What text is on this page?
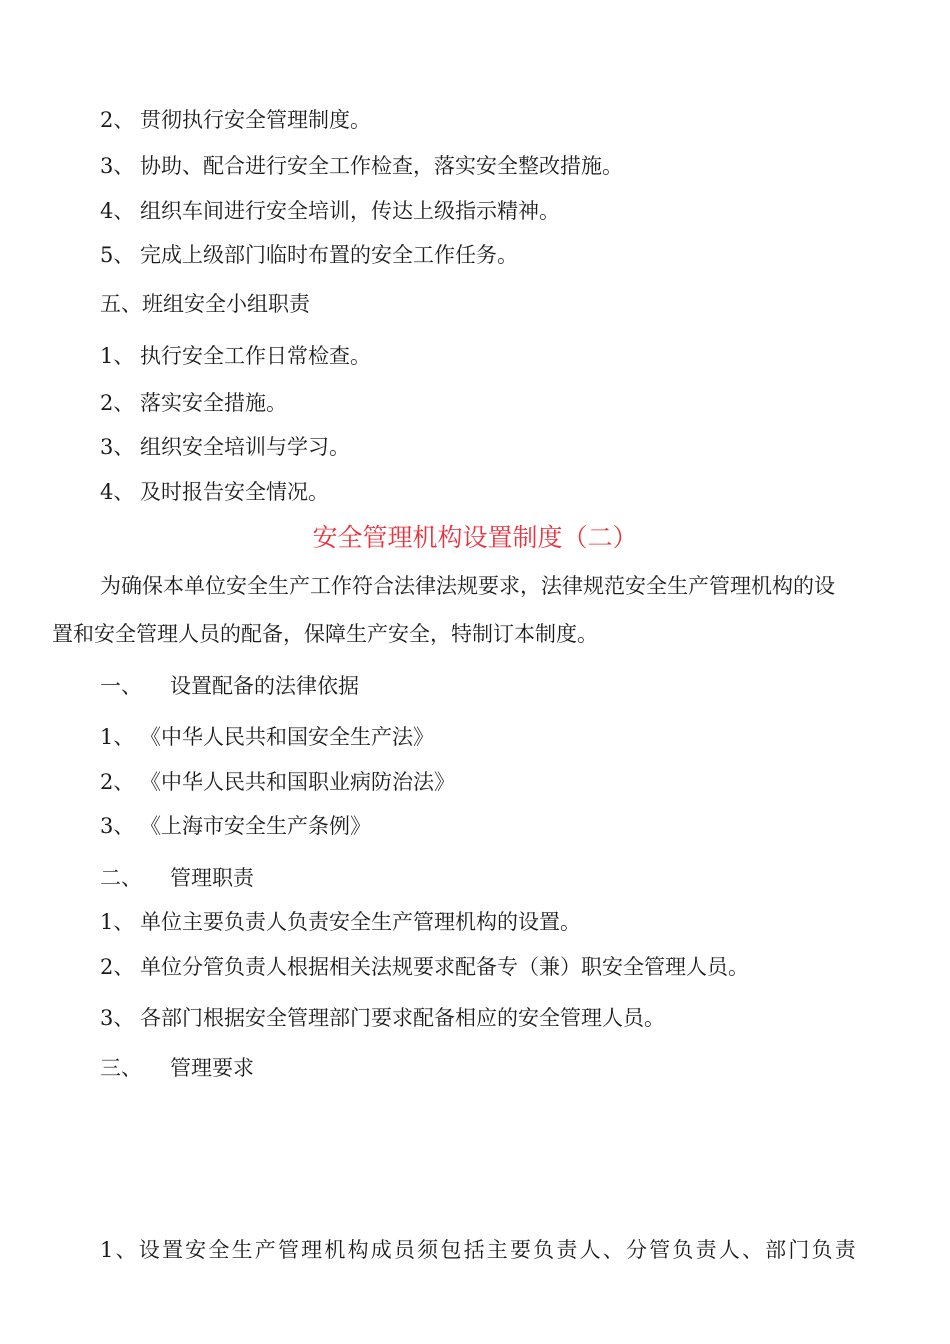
2、 贯彻执行安全管理制度。
3、 协助、配合进行安全工作检查，落实安全整改措施。
4、 组织车间进行安全培训，传达上级指示精神。
5、 完成上级部门临时布置的安全工作任务。
五、班组安全小组职责
1、 执行安全工作日常检查。
2、 落实安全措施。
3、 组织安全培训与学习。
4、 及时报告安全情况。
安全管理机构设置制度（二）
为确保本单位安全生产工作符合法律法规要求，法律规范安全生产管理机构的设
置和安全管理人员的配备，保障生产安全，特制订本制度。
一、 设置配备的法律依据
1、 《中华人民共和国安全生产法》
2、 《中华人民共和国职业病防治法》
3、 《上海市安全生产条例》
二、 管理职责
1、 单位主要负责人负责安全生产管理机构的设置。
2、 单位分管负责人根据相关法规要求配备专（兼）职安全管理人员。
3、 各部门根据安全管理部门要求配备相应的安全管理人员。
三、 管理要求
1、设置安全生产管理机构成员须包括主要负责人、分管负责人、部门负责
